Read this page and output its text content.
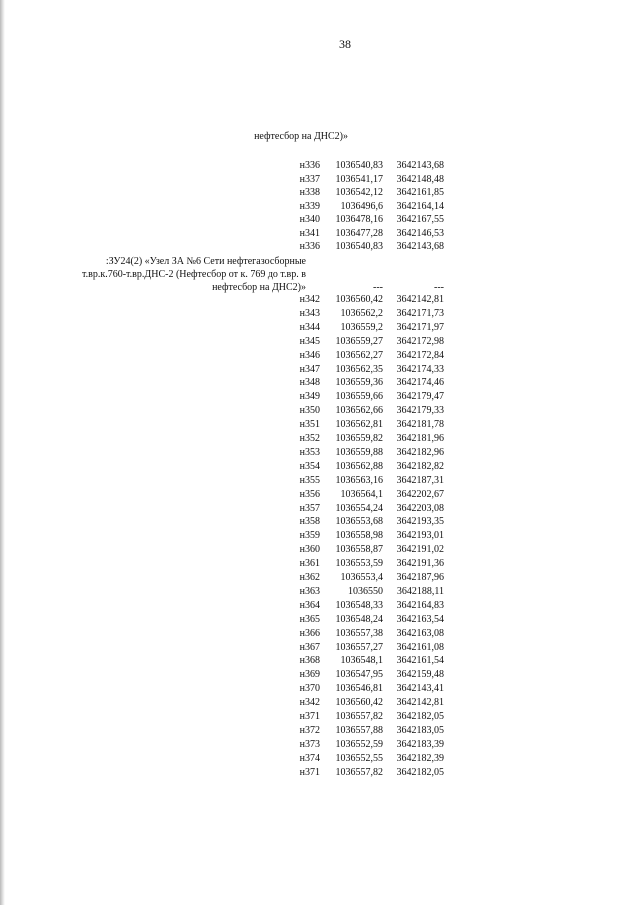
38
нефтесбор на ДНС2)»
н336 1036540,83 3642143,68
н337 1036541,17 3642148,48
н338 1036542,12 3642161,85
н339 1036496,6 3642164,14
н340 1036478,16 3642167,55
н341 1036477,28 3642146,53
н336 1036540,83 3642143,68
:ЗУ24(2) «Узел ЗА №6 Сети нефтегазосборные
т.вр.к.760-т.вр.ДНС-2 (Нефтесбор от к. 769 до т.вр. в
нефтесбор на ДНС2)»	---	---
н342 1036560,42 3642142,81
н343 1036562,2 3642171,73
н344 1036559,2 3642171,97
н345 1036559,27 3642172,98
н346 1036562,27 3642172,84
н347 1036562,35 3642174,33
н348 1036559,36 3642174,46
н349 1036559,66 3642179,47
н350 1036562,66 3642179,33
н351 1036562,81 3642181,78
н352 1036559,82 3642181,96
н353 1036559,88 3642182,96
н354 1036562,88 3642182,82
н355 1036563,16 3642187,31
н356 1036564,1 3642202,67
н357 1036554,24 3642203,08
н358 1036553,68 3642193,35
н359 1036558,98 3642193,01
н360 1036558,87 3642191,02
н361 1036553,59 3642191,36
н362 1036553,4 3642187,96
н363	1036550 3642188,11
н364 1036548,33 3642164,83
н365 1036548,24 3642163,54
н366 1036557,38 3642163,08
н367 1036557,27 3642161,08
н368 1036548,1 3642161,54
н369 1036547,95 3642159,48
н370 1036546,81 3642143,41
н342 1036560,42 3642142,81
н371 1036557,82 3642182,05
н372 1036557,88 3642183,05
н373 1036552,59 3642183,39
н374 1036552,55 3642182,39
н371 1036557,82 3642182,05
